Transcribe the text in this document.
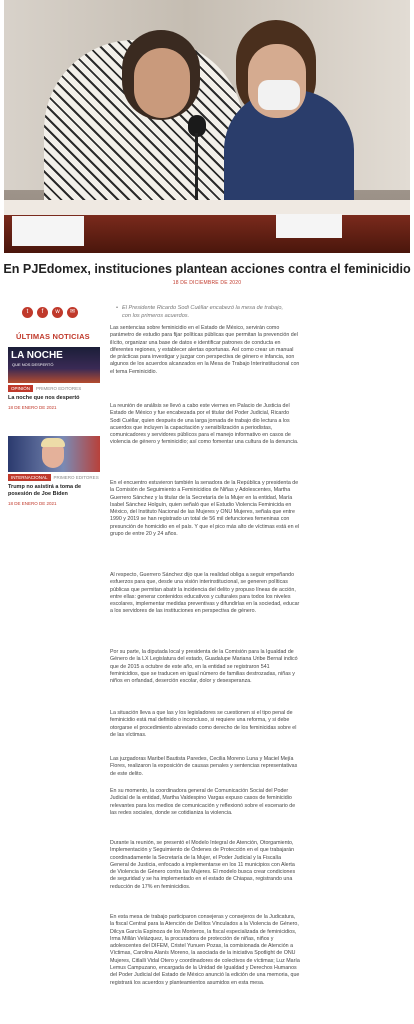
En PJEdomex, instituciones plantean acciones contra el feminicidio
18 DE DICIEMBRE DE 2020
t	f	w	✉
ÚLTIMAS NOTICIAS
LA NOCHE
QUE NOS DESPERTÓ
OPINIÓN PRIMERO EDITORES
La noche que nos despertó
18 DE ENERO DE 2021
INTERNACIONAL PRIMERO EDITORES
Trump no asistirá a toma de posesión de Joe Biden
18 DE ENERO DE 2021
• El Presidente Ricardo Sodi Cuéllar encabezó la mesa de trabajo, con los primeros acuerdos.

Las sentencias sobre feminicidio en el Estado de México, servirán como parámetro de estudio para fijar políticas públicas que permitan la prevención del ilícito, organizar una base de datos e identificar patrones de conducta en diferentes regiones, y establecer alertas oportunas. Así como crear un manual de prácticas para investigar y juzgar con perspectiva de género e infancia, son algunos de los acuerdos alcanzados en la Mesa de Trabajo Interinstitucional con el tema Feminicidio.

La reunión de análisis se llevó a cabo este viernes en Palacio de Justicia del Estado de México y fue encabezada por el titular del Poder Judicial, Ricardo Sodi Cuéllar, quien después de una larga jornada de trabajo dio lectura a los acuerdos que incluyen la capacitación y sensibilización a periodistas, comunicadores y servidores públicos para el manejo informativo en casos de violencia de género y feminicidio; así como fomentar una cultura de la denuncia.

En el encuentro estuvieron también la senadora de la República y presidenta de la Comisión de Seguimiento a Feminicidios de Niñas y Adolescentes, Martha Guerrero Sánchez y la titular de la Secretaría de la Mujer en la entidad, María Isabel Sánchez Holguín, quien señaló que el Estudio Violencia Feminicida en México, del Instituto Nacional de las Mujeres y ONU Mujeres, señala que entre 1990 y 2019 se han registrado un total de 56 mil defunciones femeninas con presunción de homicidio en el país. Y que el pico más alto de víctimas está en el grupo de entre 20 y 24 años.

Al respecto, Guerrero Sánchez dijo que la realidad obliga a seguir empeñando esfuerzos para que, desde una visión interinstitucional, se generen políticas públicas que permitan abatir la incidencia del delito y propuso líneas de acción, entre ellas: generar contenidos educativos y culturales para todos los niveles escolares, implementar medidas preventivas y difundirlas en la sociedad, educar a los servidores de las instituciones en perspectiva de género.

Por su parte, la diputada local y presidenta de la Comisión para la Igualdad de Género de la LX Legislatura del estado, Guadalupe Mariana Uribe Bernal indicó que de 2015 a octubre de este año, en la entidad se registraron 541 feminicidios, que se traducen en igual número de familias destrozadas, niñas y niños en orfandad, deserción escolar, dolor y desesperanza.

La situación lleva a que las y los legisladores se cuestionen si el tipo penal de feminicidio está mal definido o inconcluso, si requiere una reforma, y si debe otorgarse el procedimiento abreviado como derecho de los feminicidas sobre el de las víctimas.

Las juzgadoras Maribel Bautista Paredes, Cecilia Moreno Luna y Maciel Mejía Flores, realizaron la exposición de causas penales y sentencias representativas de este delito.

En su momento, la coordinadora general de Comunicación Social del Poder Judicial de la entidad, Martha Valdespino Vargas expuso casos de feminicidio relevantes para los medios de comunicación y reflexionó sobre el escenario de las redes sociales, donde se cotidianiza la violencia.

Durante la reunión, se presentó el Modelo Integral de Atención, Otorgamiento, Implementación y Seguimiento de Órdenes de Protección en el que trabajarán coordinadamente la Secretaría de la Mujer, el Poder Judicial y la Fiscalía General de Justicia, enfocado a implementarse en los 11 municipios con Alerta de Violencia de Género contra las Mujeres. El modelo busca crear condiciones de seguridad y se ha implementado en el estado de Chiapas, registrando una reducción de 17% en feminicidios.

En esta mesa de trabajo participaron consejeras y consejeros de la Judicatura, la fiscal Central para la Atención de Delitos Vinculados a la Violencia de Género, Dilcya García Espinoza de los Monteros, la fiscal especializada de feminicidios, Irma Millán Velázquez, la procuradora de protección de niñas, niños y adolescentes del DIFEM, Cristel Yunuen Pozas, la comisionada de Atención a Víctimas, Carolina Alanís Moreno, la asociada de la iniciativa Spotlight de ONU Mujeres, Citlalli Vidal Otero y coordinadores de colectivos de víctimas; Luz María Lemus Campuzano, encargada de la Unidad de Igualdad y Derechos Humanos del Poder Judicial del Estado de México anunció la edición de una memoria, que registrará los acuerdos y planteamientos asumidos en esta mesa.
